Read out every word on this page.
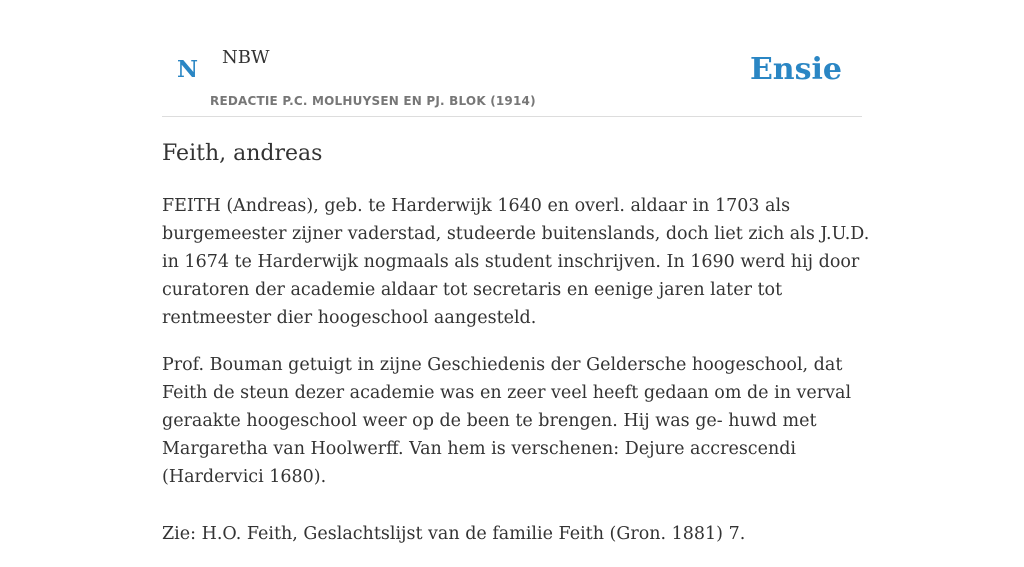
N NBW
REDACTIE P.C. MOLHUYSEN EN PJ. BLOK (1914)
Ensie
Feith, andreas

FEITH (Andreas), geb. te Harderwijk 1640 en overl. aldaar in 1703 als burgemeester zijner vaderstad, studeerde buitenslands, doch liet zich als J.U.D. in 1674 te Harderwijk nogmaals als student inschrijven. In 1690 werd hij door curatoren der academie aldaar tot secretaris en eenige jaren later tot rentmeester dier hoogeschool aangesteld.

Prof. Bouman getuigt in zijne Geschiedenis der Geldersche hoogeschool, dat Feith de steun dezer academie was en zeer veel heeft gedaan om de in verval geraakte hoogeschool weer op de been te brengen. Hij was ge- huwd met Margaretha van Hoolwerff. Van hem is verschenen: Dejure accrescendi (Hardervici 1680).

Zie: H.O. Feith, Geslachtslijst van de familie Feith (Gron. 1881) 7.
